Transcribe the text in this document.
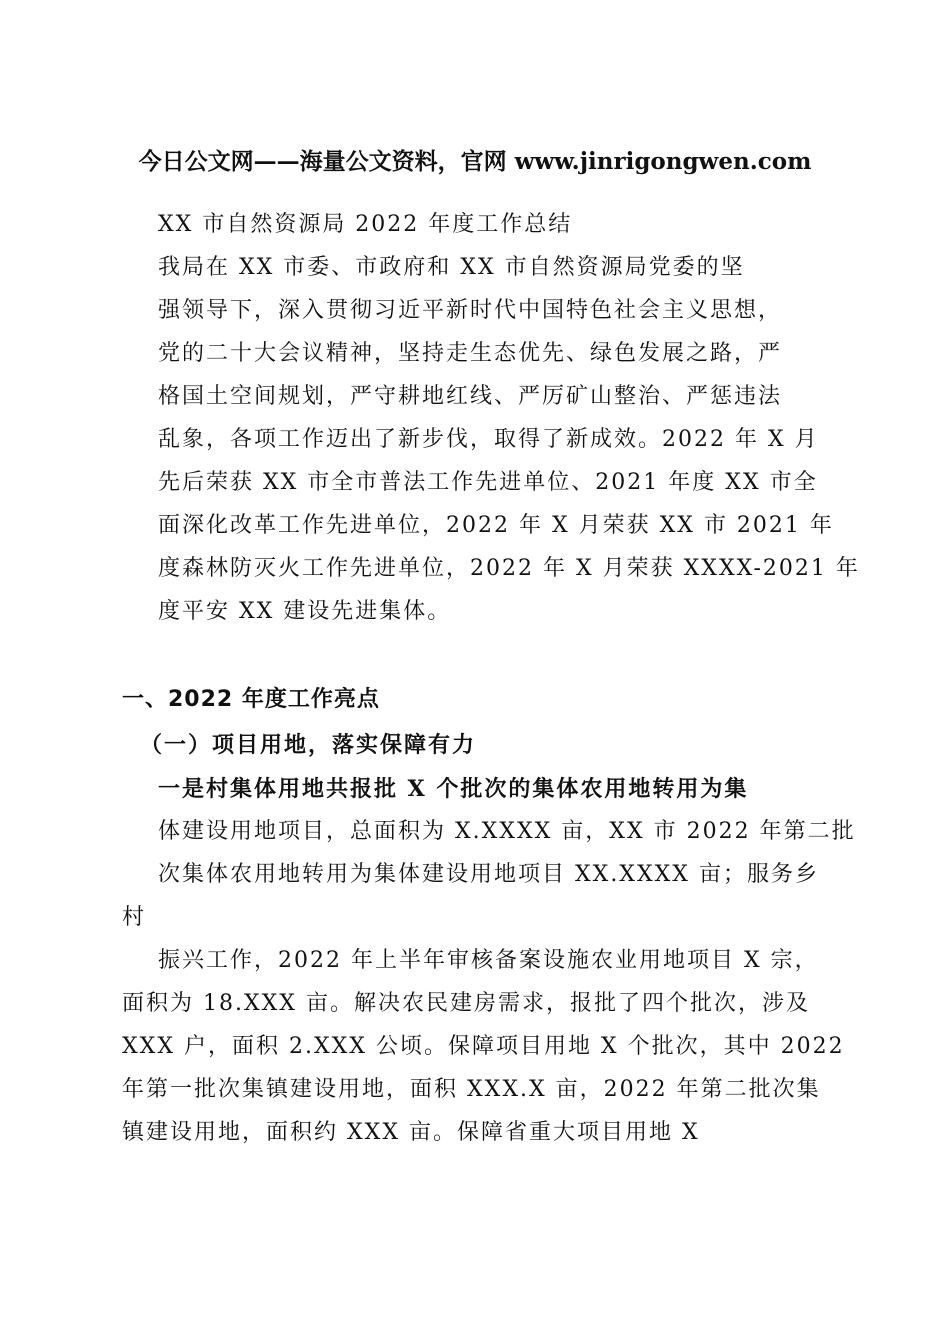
今日公文网——海量公文资料，官网 www.jinrigongwen.com
XX 市自然资源局 2022 年度工作总结
我局在 XX 市委、市政府和 XX 市自然资源局党委的坚
强领导下，深入贯彻习近平新时代中国特色社会主义思想，
党的二十大会议精神，坚持走生态优先、绿色发展之路，严
格国土空间规划，严守耕地红线、严厉矿山整治、严惩违法
乱象，各项工作迈出了新步伐，取得了新成效。2022 年 X 月
先后荣获 XX 市全市普法工作先进单位、2021 年度 XX 市全
面深化改革工作先进单位，2022 年 X 月荣获 XX 市 2021 年
度森林防灭火工作先进单位，2022 年 X 月荣获 XXXX-2021 年
度平安 XX 建设先进集体。
一、2022 年度工作亮点
（一）项目用地，落实保障有力
一是村集体用地共报批 X 个批次的集体农用地转用为集
体建设用地项目，总面积为 X.XXXX 亩，XX 市 2022 年第二批
次集体农用地转用为集体建设用地项目 XX.XXXX 亩；服务乡
村
振兴工作，2022 年上半年审核备案设施农业用地项目 X 宗，
面积为 18.XXX 亩。解决农民建房需求，报批了四个批次，涉及
XXX 户，面积 2.XXX 公顷。保障项目用地 X 个批次，其中 2022
年第一批次集镇建设用地，面积 XXX.X 亩，2022 年第二批次集
镇建设用地，面积约 XXX 亩。保障省重大项目用地 X
